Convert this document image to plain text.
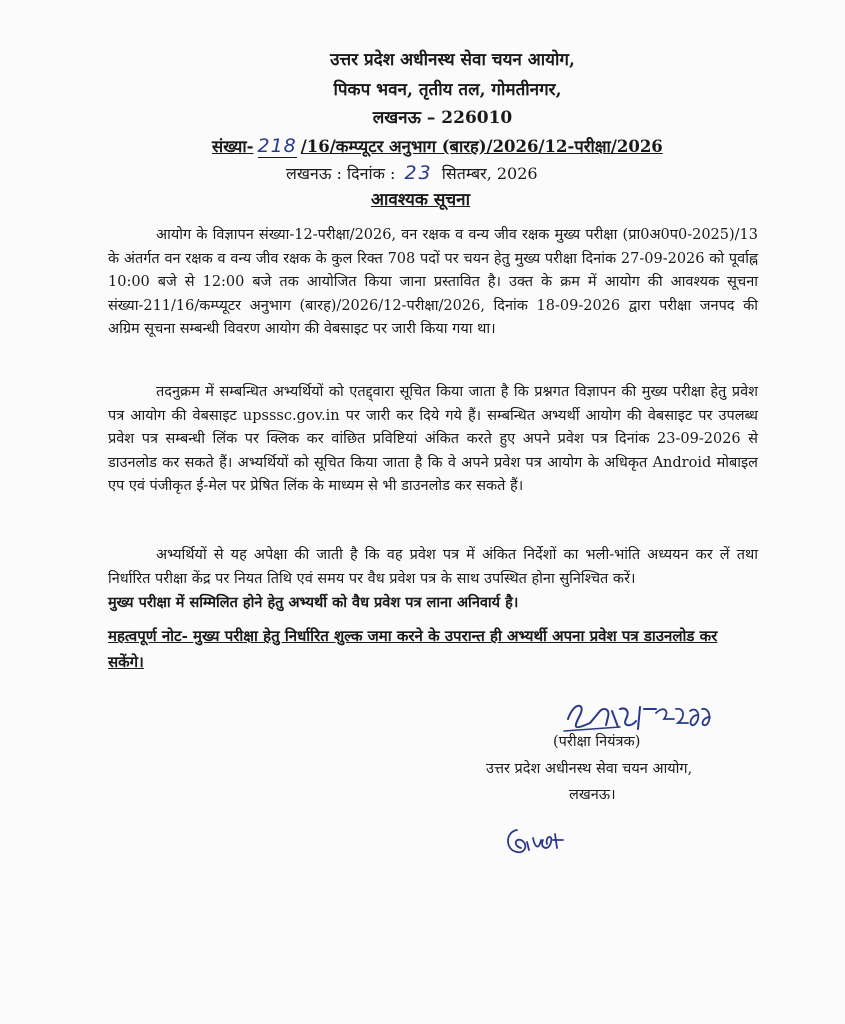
उत्तर प्रदेश अधीनस्थ सेवा चयन आयोग,
पिकप भवन, तृतीय तल, गोमतीनगर,
लखनऊ – 226010
संख्या- 218 /16/कम्प्यूटर अनुभाग (बारह)/2026/12-परीक्षा/2026
लखनऊ : दिनांक : 23 सितम्बर, 2026
आवश्यक सूचना
आयोग के विज्ञापन संख्या-12-परीक्षा/2026, वन रक्षक व वन्य जीव रक्षक मुख्य परीक्षा (प्रा0अ0प0-2025)/13 के अंतर्गत वन रक्षक व वन्य जीव रक्षक के कुल रिक्त 708 पदों पर चयन हेतु मुख्य परीक्षा दिनांक 27-09-2026 को पूर्वाह्न 10:00 बजे से 12:00 बजे तक आयोजित किया जाना प्रस्तावित है। उक्त के क्रम में आयोग की आवश्यक सूचना संख्या-211/16/कम्प्यूटर अनुभाग (बारह)/2026/12-परीक्षा/2026, दिनांक 18-09-2026 द्वारा परीक्षा जनपद की अग्रिम सूचना सम्बन्धी विवरण आयोग की वेबसाइट पर जारी किया गया था।
तदनुक्रम में सम्बन्धित अभ्यर्थियों को एतद्द्वारा सूचित किया जाता है कि प्रश्नगत विज्ञापन की मुख्य परीक्षा हेतु प्रवेश पत्र आयोग की वेबसाइट upsssc.gov.in पर जारी कर दिये गये हैं। सम्बन्धित अभ्यर्थी आयोग की वेबसाइट पर उपलब्ध प्रवेश पत्र सम्बन्धी लिंक पर क्लिक कर वांछित प्रविष्टियां अंकित करते हुए अपने प्रवेश पत्र दिनांक 23-09-2026 से डाउनलोड कर सकते हैं। अभ्यर्थियों को सूचित किया जाता है कि वे अपने प्रवेश पत्र आयोग के अधिकृत Android मोबाइल एप एवं पंजीकृत ई-मेल पर प्रेषित लिंक के माध्यम से भी डाउनलोड कर सकते हैं।
अभ्यर्थियों से यह अपेक्षा की जाती है कि वह प्रवेश पत्र में अंकित निर्देशों का भली-भांति अध्ययन कर लें तथा निर्धारित परीक्षा केंद्र पर नियत तिथि एवं समय पर वैध प्रवेश पत्र के साथ उपस्थित होना सुनिश्चित करें।
मुख्य परीक्षा में सम्मिलित होने हेतु अभ्यर्थी को वैध प्रवेश पत्र लाना अनिवार्य है।
महत्वपूर्ण नोट- मुख्य परीक्षा हेतु निर्धारित शुल्क जमा करने के उपरान्त ही अभ्यर्थी अपना प्रवेश पत्र डाउनलोड कर सकेंगे।
(परीक्षा नियंत्रक)
उत्तर प्रदेश अधीनस्थ सेवा चयन आयोग,
लखनऊ।
